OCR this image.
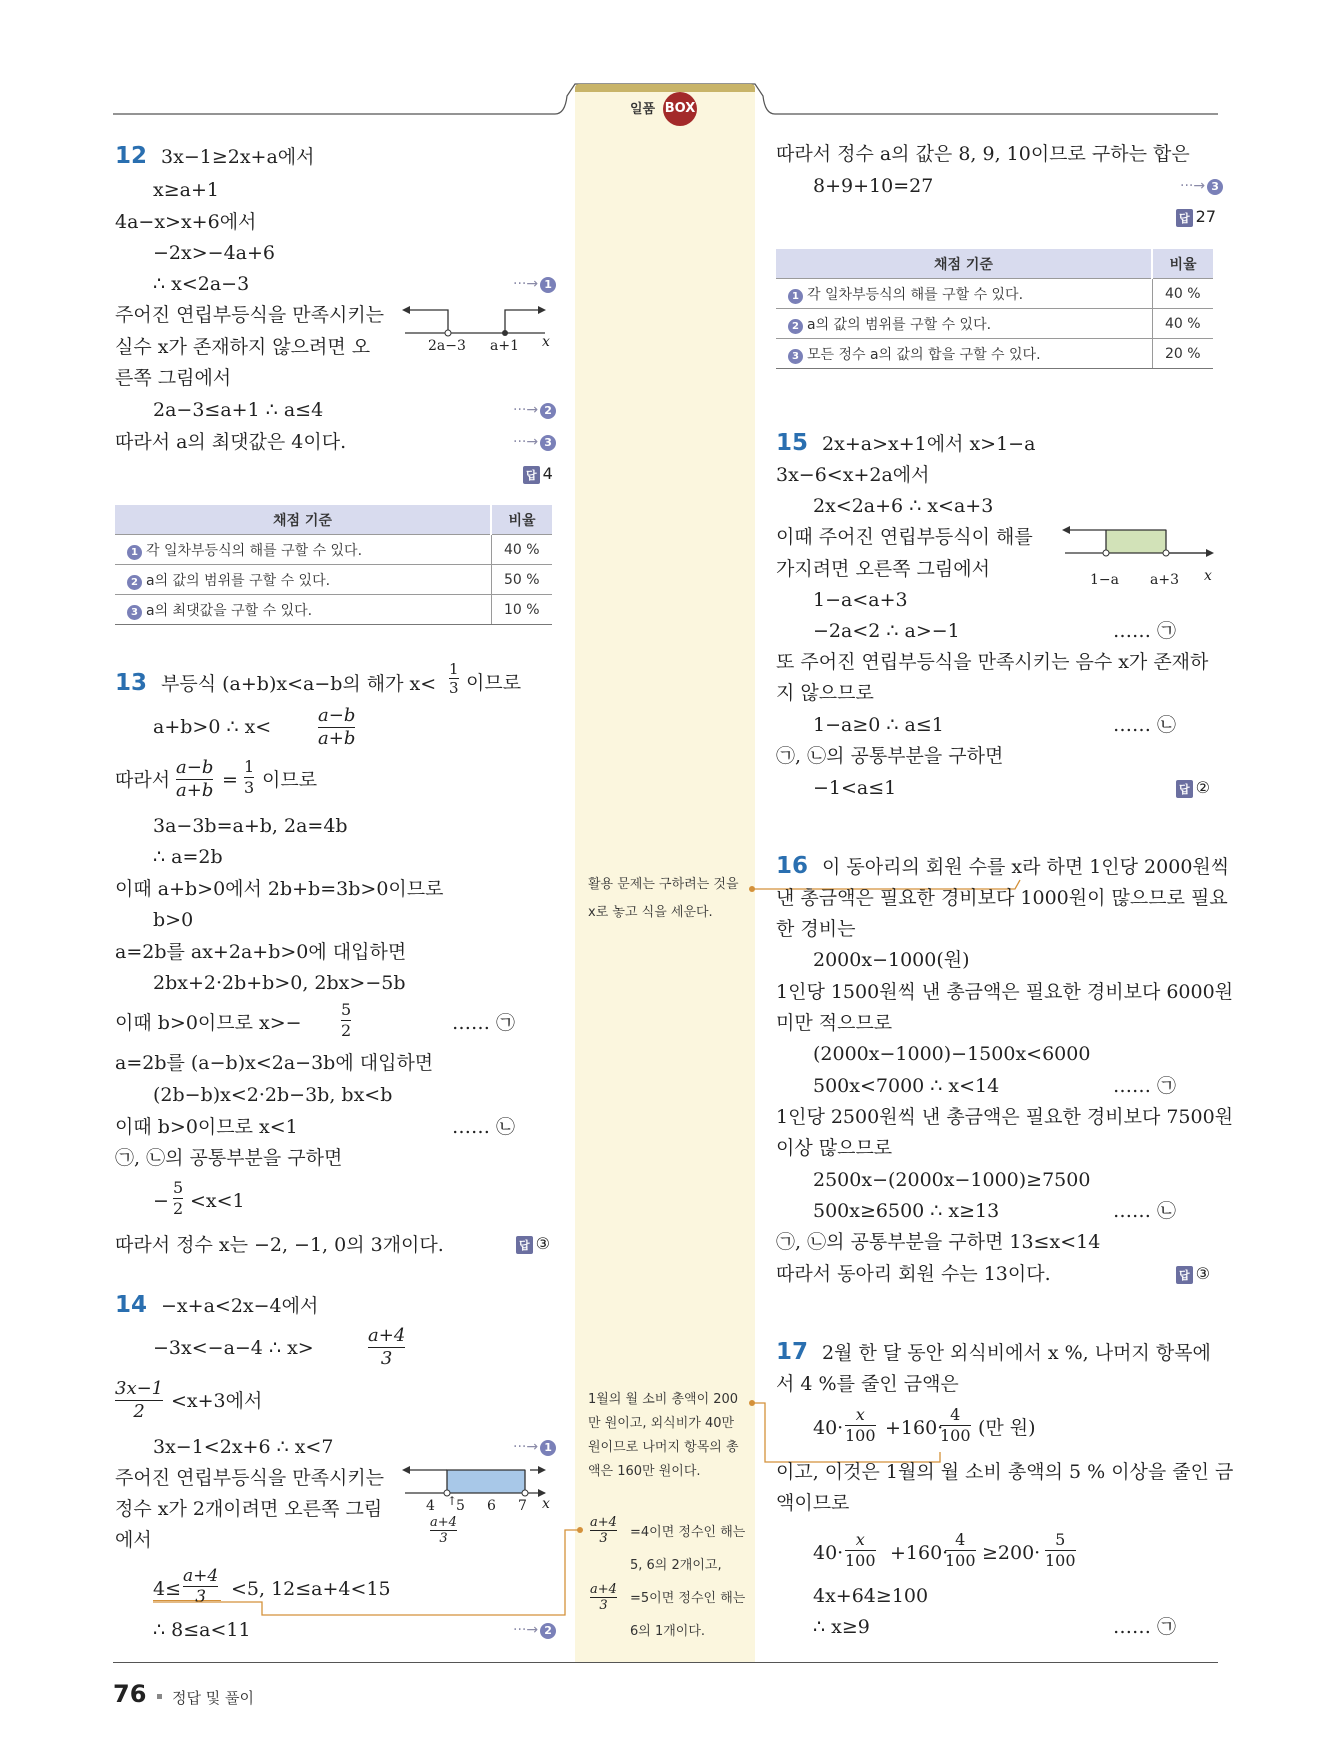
일품 BOX
12 3x−1≥2x+a에서
x≥a+1
4a−x>x+6에서
−2x>−4a+6
∴ x<2a−3	···→ 1
주어진 연립부등식을 만족시키는
실수 x가 존재하지 않으려면 오
른쪽 그림에서
2a−3 a+1 x
2a−3≤a+1 ∴ a≤4	···→ 2
따라서 a의 최댓값은 4이다.	···→ 3
답 4
채점 기준	비율
1 각 일차부등식의 해를 구할 수 있다.	40 %
2 a의 값의 범위를 구할 수 있다.	50 %
3 a의 최댓값을 구할 수 있다.	10 %
13 부등식 (a+b)x<a−b의 해가 x<
1
3 이므로
a+b>0 ∴ x<
a−b
a+b
따라서
a−b
a+b =
1
3 이므로
3a−3b=a+b, 2a=4b
∴ a=2b
이때 a+b>0에서 2b+b=3b>0이므로
b>0
a=2b를 ax+2a+b>0에 대입하면
2bx+2·2b+b>0, 2bx>−5b
이때 b>0이므로 x>−
5
2	…… ㉠
a=2b를 (a−b)x<2a−3b에 대입하면
(2b−b)x<2·2b−3b, bx<b
이때 b>0이므로 x<1	…… ㉡
㉠, ㉡의 공통부분을 구하면
−
5
2 <x<1
따라서 정수 x는 −2, −1, 0의 3개이다.	답 ③
14 −x+a<2x−4에서
−3x<−a−4 ∴ x>
a+4
3
3x−1
2	<x+3에서
3x−1<2x+6 ∴ x<7	···→ 1
주어진 연립부등식을 만족시키는
정수 x가 2개이려면 오른쪽 그림
에서
4 5 6 7 x
a+4
3
↑
4≤
a+4
3	<5, 12≤a+4<15
∴ 8≤a<11	···→ 2
활용 문제는 구하려는 것을 x로 놓고 식을 세운다.
1월의 월 소비 총액이 200만 원이고, 외식비가 40만 원이므로 나머지 항목의 총액은 160만 원이다.
a+4
3	=4이면 정수인 해는 5, 6의 2개이고,
a+4
3	=5이면 정수인 해는 6의 1개이다.
따라서 정수 a의 값은 8, 9, 10이므로 구하는 합은
8+9+10=27	···→ 3
답 27
채점 기준	비율
1 각 일차부등식의 해를 구할 수 있다.	40 %
2 a의 값의 범위를 구할 수 있다.	40 %
3 모든 정수 a의 값의 합을 구할 수 있다.	20 %
15 2x+a>x+1에서 x>1−a
3x−6<x+2a에서
2x<2a+6 ∴ x<a+3
이때 주어진 연립부등식이 해를
가지려면 오른쪽 그림에서	1−a a+3 x
1−a<a+3
−2a<2 ∴ a>−1	…… ㉠
또 주어진 연립부등식을 만족시키는 음수 x가 존재하
지 않으므로
1−a≥0 ∴ a≤1	…… ㉡
㉠, ㉡의 공통부분을 구하면
−1<a≤1	답 ②
16 이 동아리의 회원 수를 x라 하면 1인당 2000원씩
낸 총금액은 필요한 경비보다 1000원이 많으므로 필요
한 경비는
2000x−1000(원)
1인당 1500원씩 낸 총금액은 필요한 경비보다 6000원
미만 적으므로
(2000x−1000)−1500x<6000
500x<7000 ∴ x<14	…… ㉠
1인당 2500원씩 낸 총금액은 필요한 경비보다 7500원
이상 많으므로
2500x−(2000x−1000)≥7500
500x≥6500 ∴ x≥13	…… ㉡
㉠, ㉡의 공통부분을 구하면 13≤x<14
따라서 동아리 회원 수는 13이다.	답 ③
17 2월 한 달 동안 외식비에서 x %, 나머지 항목에
서 4 %를 줄인 금액은
40·
x
100 +160·
4
100 (만 원)
이고, 이것은 1월의 월 소비 총액의 5 % 이상을 줄인 금
액이므로
40·
x
100 +160·
4
100 ≥200·
5
100
4x+64≥100
∴ x≥9	…… ㉠
76 정답 및 풀이
